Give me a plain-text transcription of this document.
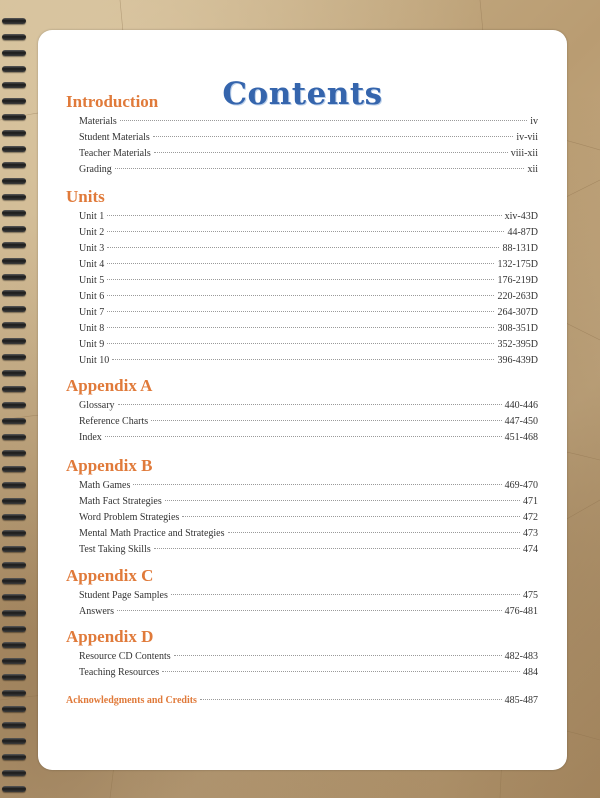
Contents
Introduction
Materials	iv
Student Materials	iv-vii
Teacher Materials	viii-xii
Grading	xii
Units
Unit 1	xiv-43D
Unit 2	44-87D
Unit 3	88-131D
Unit 4	132-175D
Unit 5	176-219D
Unit 6	220-263D
Unit 7	264-307D
Unit 8	308-351D
Unit 9	352-395D
Unit 10	396-439D
Appendix A
Glossary	440-446
Reference Charts	447-450
Index	451-468
Appendix B
Math Games	469-470
Math Fact Strategies	471
Word Problem Strategies	472
Mental Math Practice and Strategies	473
Test Taking Skills	474
Appendix C
Student Page Samples	475
Answers	476-481
Appendix D
Resource CD Contents	482-483
Teaching Resources	484
Acknowledgments and Credits	485-487
